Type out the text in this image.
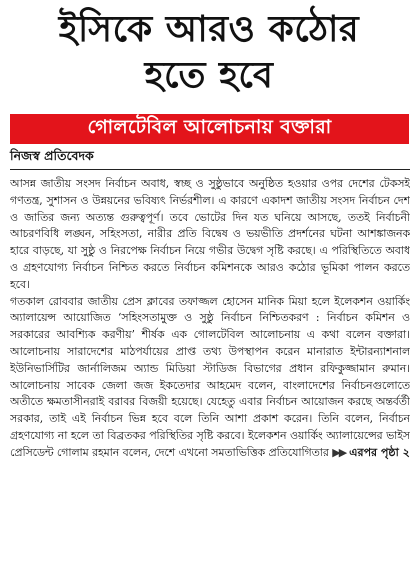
ইসিকে আরও কঠোর
হতে হবে
গোলটেবিল আলোচনায় বক্তারা
নিজস্ব প্রতিবেদক

আসন্ন জাতীয় সংসদ নির্বাচন অবাধ, স্বচ্ছ ও সুষ্ঠুভাবে অনুষ্ঠিত হওয়ার ওপর দেশের টেকসই গণতন্ত্র, সুশাসন ও উন্নয়নের ভবিষ্যৎ নির্ভরশীল। এ কারণে একাদশ জাতীয় সংসদ নির্বাচন দেশ ও জাতির জন্য অত্যন্ত গুরুত্বপূর্ণ। তবে ভোটের দিন যত ঘনিয়ে আসছে, ততই নির্বাচনী আচরণবিধি লঙ্ঘন, সহিংসতা, নারীর প্রতি বিদ্বেষ ও ভয়ভীতি প্রদর্শনের ঘটনা আশঙ্কাজনক হারে বাড়ছে, যা সুষ্ঠু ও নিরপেক্ষ নির্বাচন নিয়ে গভীর উদ্বেগ সৃষ্টি করছে। এ পরিস্থিতিতে অবাধ ও গ্রহণযোগ্য নির্বাচন নিশ্চিত করতে নির্বাচন কমিশনকে আরও কঠোর ভূমিকা পালন করতে হবে।

গতকাল রোববার জাতীয় প্রেস ক্লাবের তফাজ্জল হোসেন মানিক মিয়া হলে ইলেকশন ওয়ার্কিং অ্যালায়েন্স আয়োজিত ‘সহিংসতামুক্ত ও সুষ্ঠু নির্বাচন নিশ্চিতকরণ : নির্বাচন কমিশন ও সরকারের আবশ্যিক করণীয়’ শীর্ষক এক গোলটেবিল আলোচনায় এ কথা বলেন বক্তারা। আলোচনায় সারাদেশের মাঠপর্যায়ের প্রাপ্ত তথ্য উপস্থাপন করেন মানারাত ইন্টারন্যাশনাল ইউনিভার্সিটির জার্নালিজম অ্যান্ড মিডিয়া স্টাডিজ বিভাগের প্রধান রফিকুজ্জামান রুমান। আলোচনায় সাবেক জেলা জজ ইকতেদার আহমেদ বলেন, বাংলাদেশের নির্বাচনগুলোতে অতীতে ক্ষমতাসীনরাই বরাবর বিজয়ী হয়েছে। যেহেতু এবার নির্বাচন আয়োজন করছে অন্তর্বর্তী সরকার, তাই এই নির্বাচন ভিন্ন হবে বলে তিনি আশা প্রকাশ করেন। তিনি বলেন, নির্বাচন গ্রহণযোগ্য না হলে তা বিব্রতকর পরিস্থিতির সৃষ্টি করবে। ইলেকশন ওয়ার্কিং অ্যালায়েন্সের ভাইস প্রেসিডেন্ট গোলাম রহমান বলেন, দেশে এখনো সমতাভিত্তিক প্রতিযোগিতার ▶▶ এরপর পৃষ্ঠা ২
